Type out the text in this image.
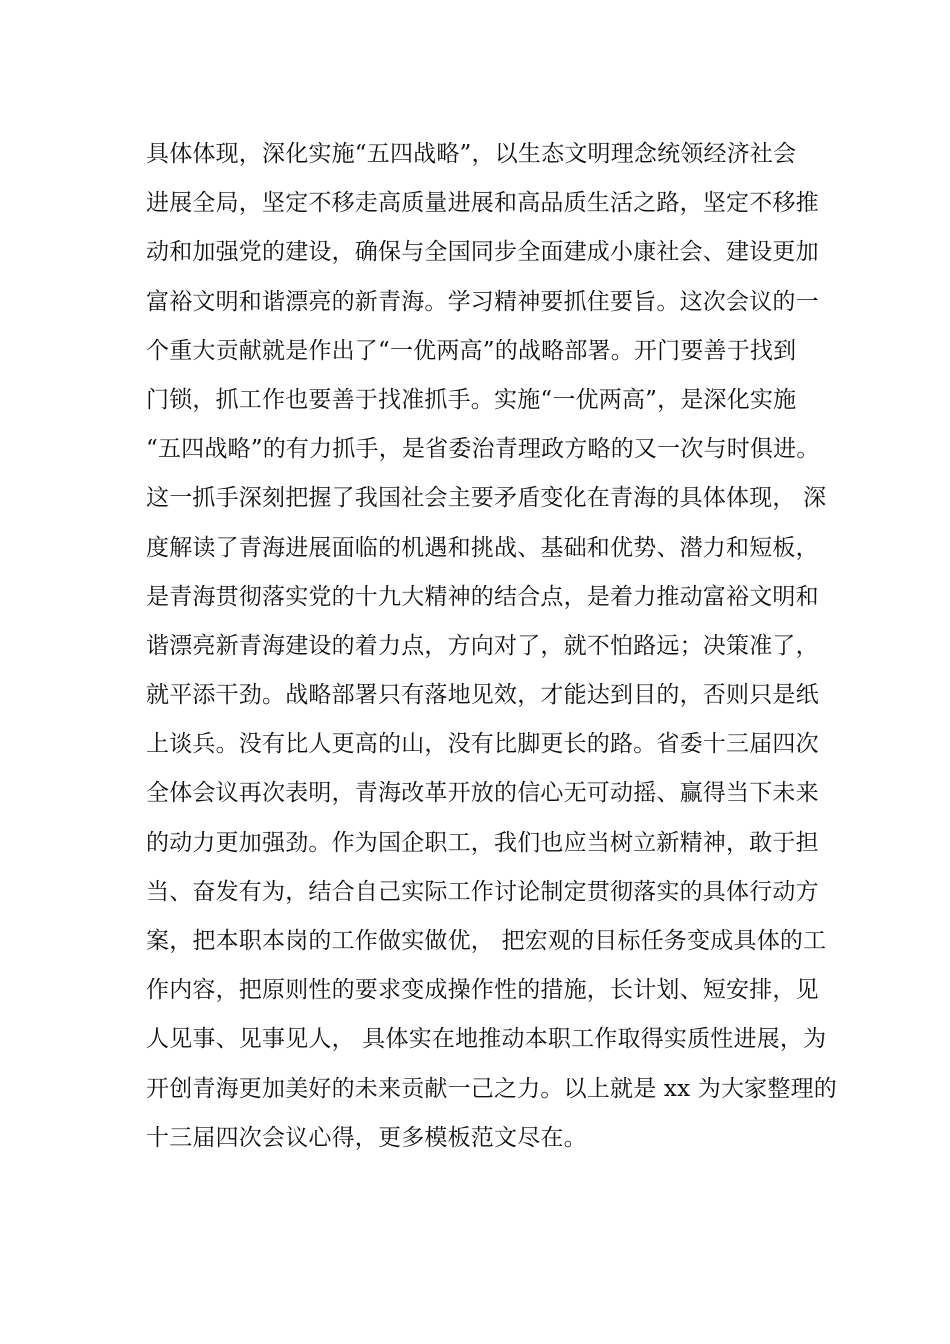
具体体现，深化实施“五四战略”，以生态文明理念统领经济社会
进展全局，坚定不移走高质量进展和高品质生活之路，坚定不移推
动和加强党的建设，确保与全国同步全面建成小康社会、建设更加
富裕文明和谐漂亮的新青海。学习精神要抓住要旨。这次会议的一
个重大贡献就是作出了“一优两高”的战略部署。开门要善于找到
门锁，抓工作也要善于找准抓手。实施“一优两高”，是深化实施
“五四战略”的有力抓手，是省委治青理政方略的又一次与时俱进。
这一抓手深刻把握了我国社会主要矛盾变化在青海的具体体现， 深
度解读了青海进展面临的机遇和挑战、基础和优势、潜力和短板，
是青海贯彻落实党的十九大精神的结合点，是着力推动富裕文明和
谐漂亮新青海建设的着力点，方向对了，就不怕路远；决策准了，
就平添干劲。战略部署只有落地见效，才能达到目的，否则只是纸
上谈兵。没有比人更高的山，没有比脚更长的路。省委十三届四次
全体会议再次表明，青海改革开放的信心无可动摇、赢得当下未来
的动力更加强劲。作为国企职工，我们也应当树立新精神，敢于担
当、奋发有为，结合自己实际工作讨论制定贯彻落实的具体行动方
案，把本职本岗的工作做实做优， 把宏观的目标任务变成具体的工
作内容，把原则性的要求变成操作性的措施，长计划、短安排，见
人见事、见事见人， 具体实在地推动本职工作取得实质性进展，为
开创青海更加美好的未来贡献一己之力。以上就是 xx 为大家整理的
十三届四次会议心得，更多模板范文尽在。
